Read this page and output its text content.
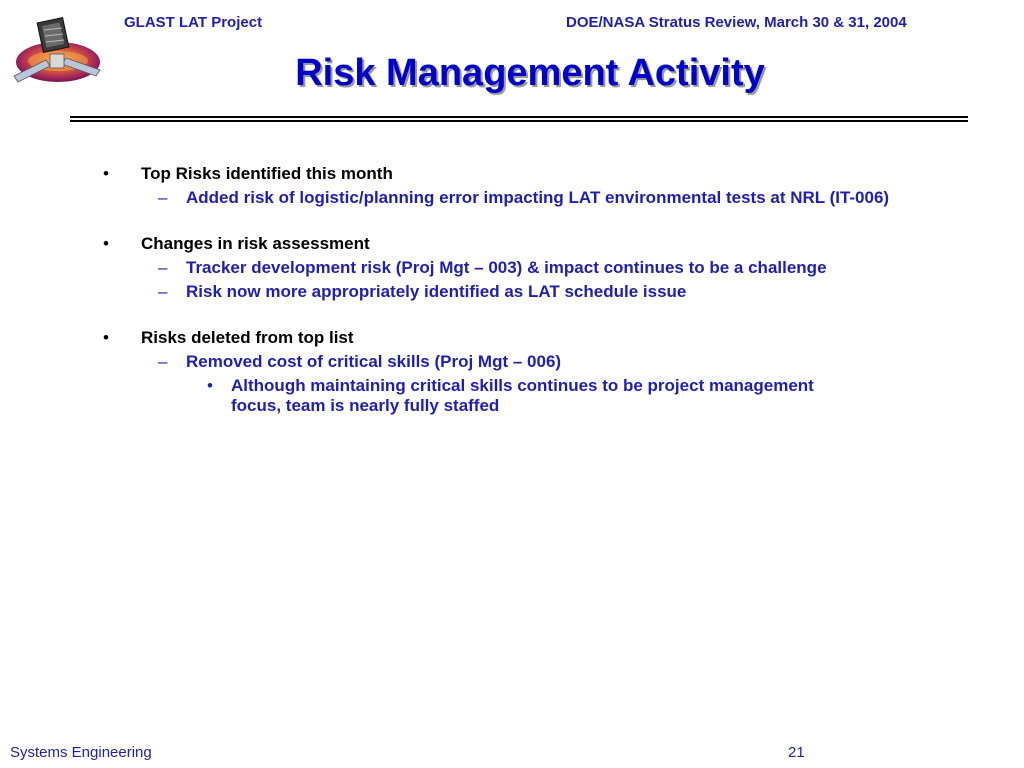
GLAST LAT Project	DOE/NASA Stratus Review, March 30 & 31, 2004
Risk Management Activity
• Top Risks identified this month
– Added risk of logistic/planning error impacting LAT environmental tests at NRL (IT-006)
• Changes in risk assessment
– Tracker development risk (Proj Mgt – 003) & impact continues to be a challenge
– Risk now more appropriately identified as LAT schedule issue
• Risks deleted from top list
– Removed cost of critical skills (Proj Mgt – 006)
• Although maintaining critical skills continues to be project management focus, team is nearly fully staffed
Systems Engineering	21
